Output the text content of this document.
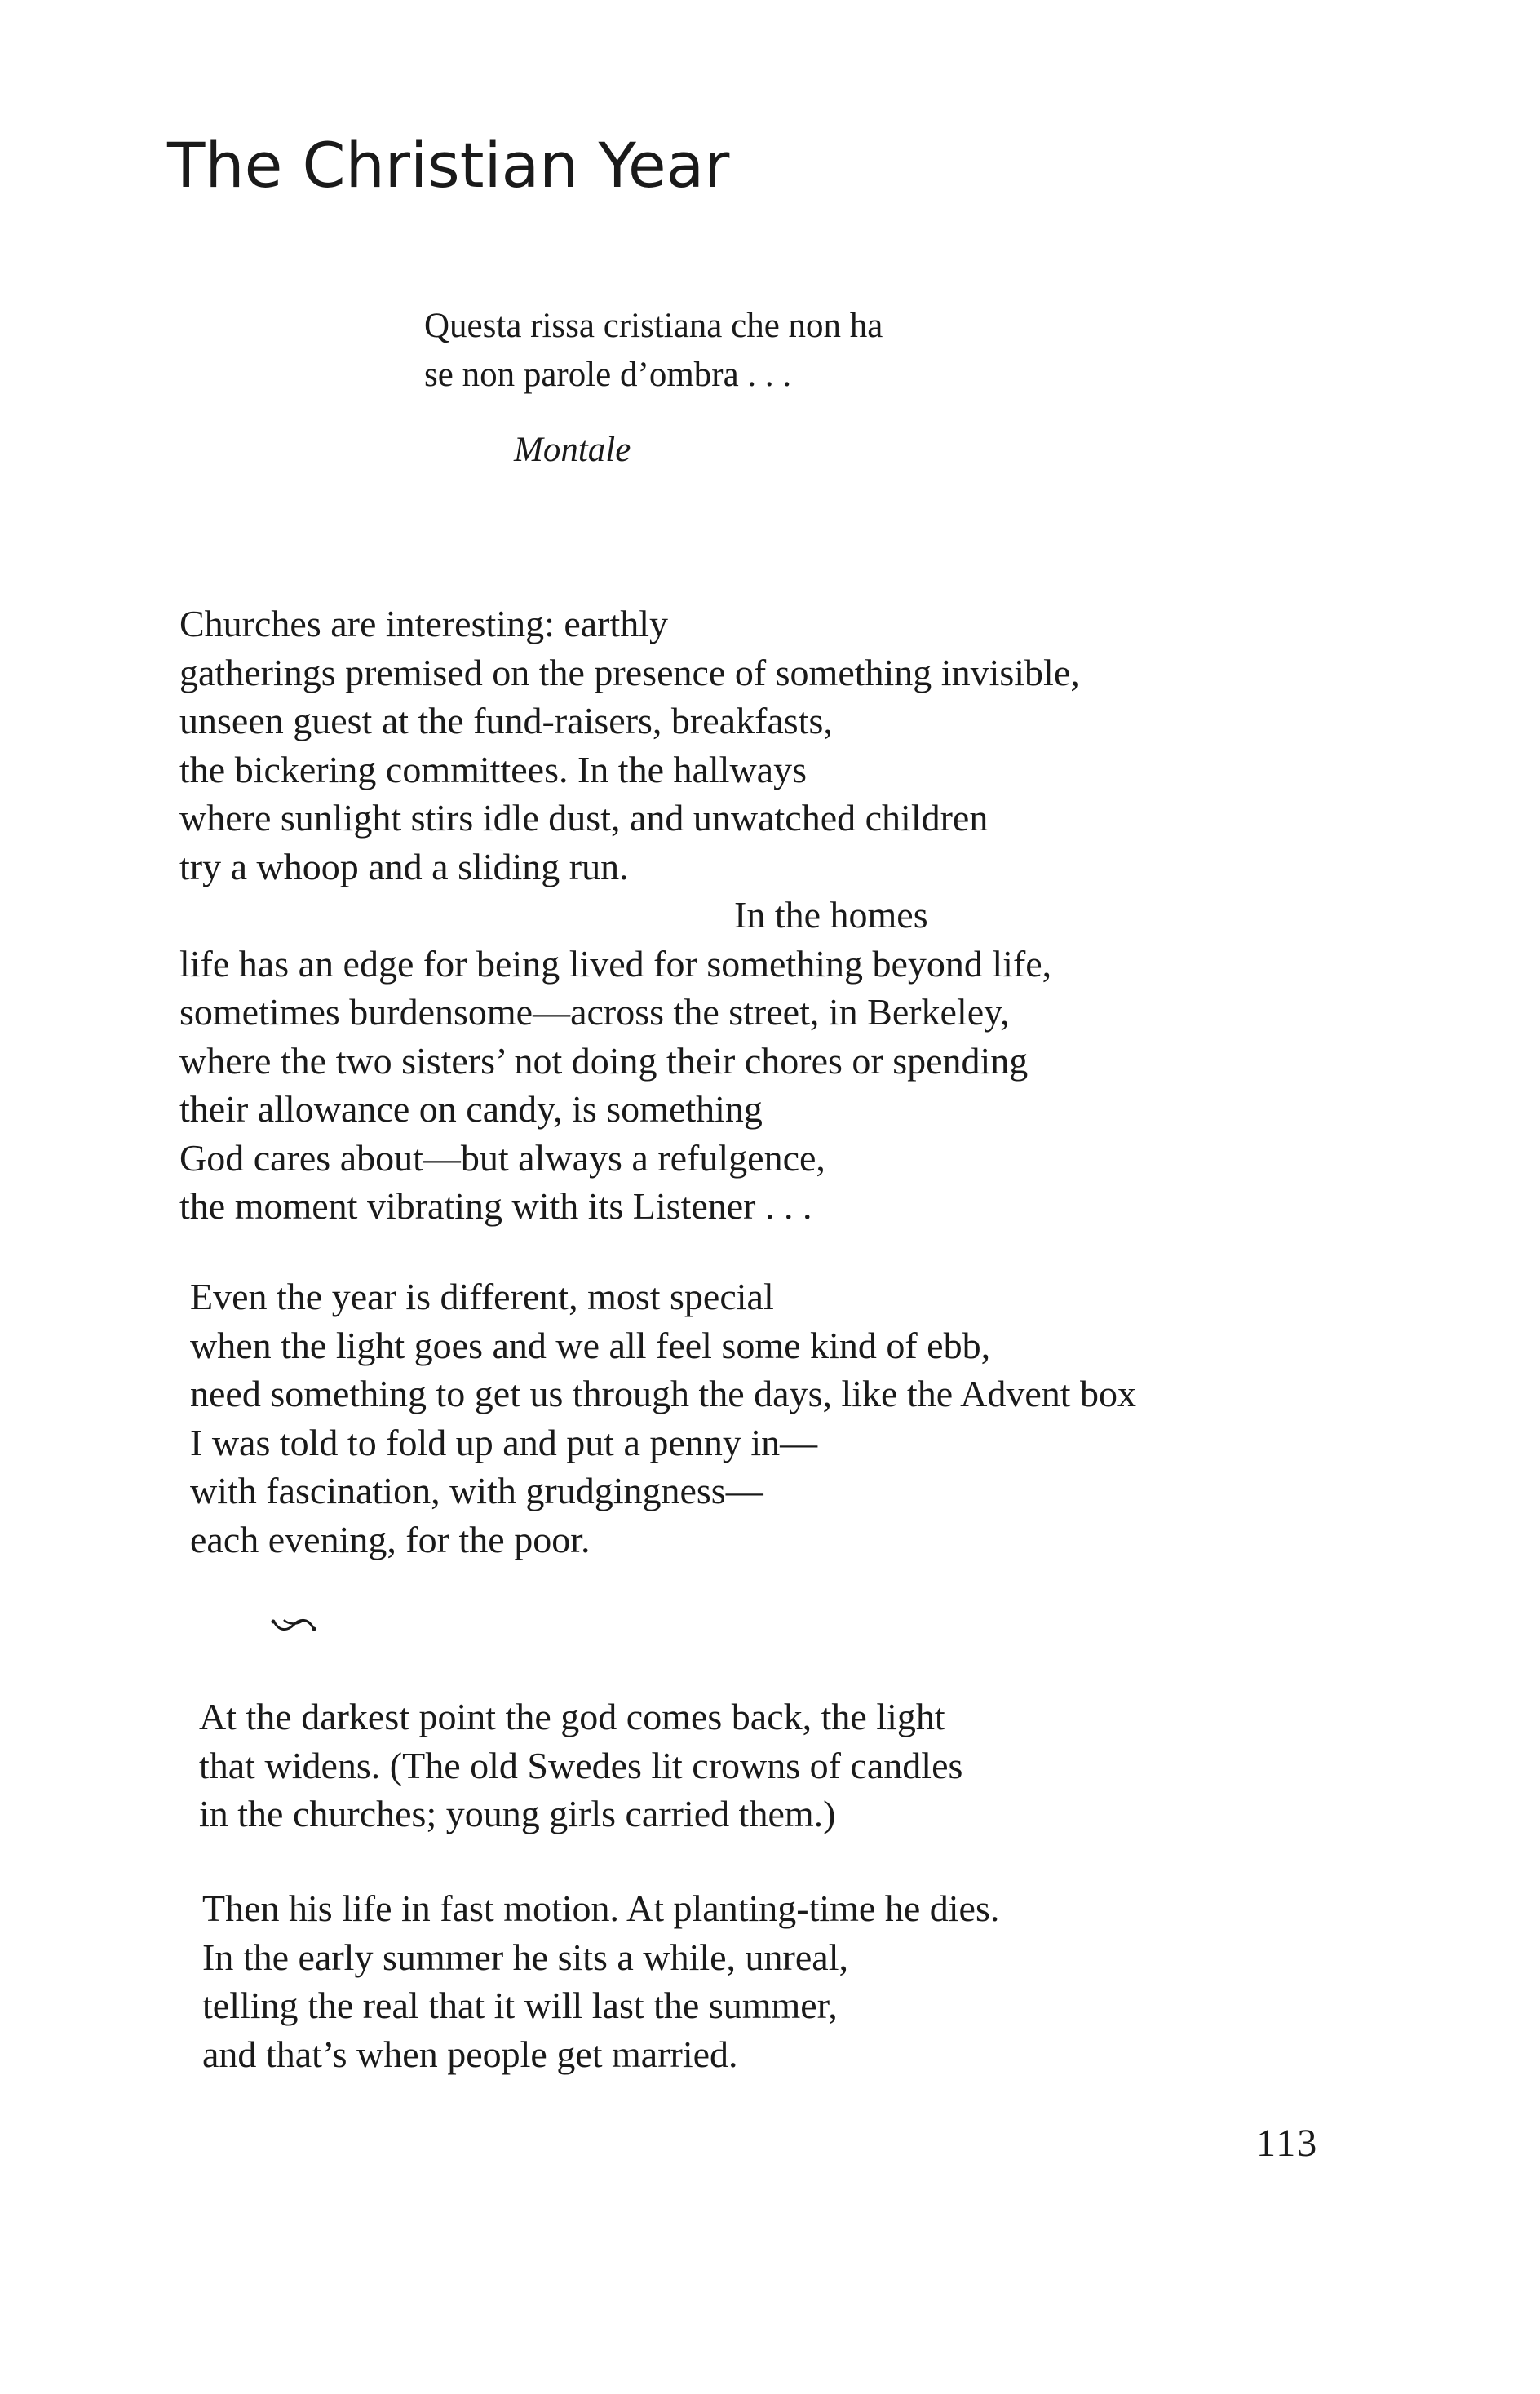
The Christian Year
Questa rissa cristiana che non ha
se non parole d’ombra . . .
Montale
Churches are interesting: earthly
gatherings premised on the presence of something invisible,
unseen guest at the fund-raisers, breakfasts,
the bickering committees. In the hallways
where sunlight stirs idle dust, and unwatched children
try a whoop and a sliding run.
In the homes
life has an edge for being lived for something beyond life,
sometimes burdensome—across the street, in Berkeley,
where the two sisters’ not doing their chores or spending
their allowance on candy, is something
God cares about—but always a refulgence,
the moment vibrating with its Listener . . .
Even the year is different, most special
when the light goes and we all feel some kind of ebb,
need something to get us through the days, like the Advent box
I was told to fold up and put a penny in—
with fascination, with grudgingness—
each evening, for the poor.
At the darkest point the god comes back, the light
that widens. (The old Swedes lit crowns of candles
in the churches; young girls carried them.)
Then his life in fast motion. At planting-time he dies.
In the early summer he sits a while, unreal,
telling the real that it will last the summer,
and that’s when people get married.
113
